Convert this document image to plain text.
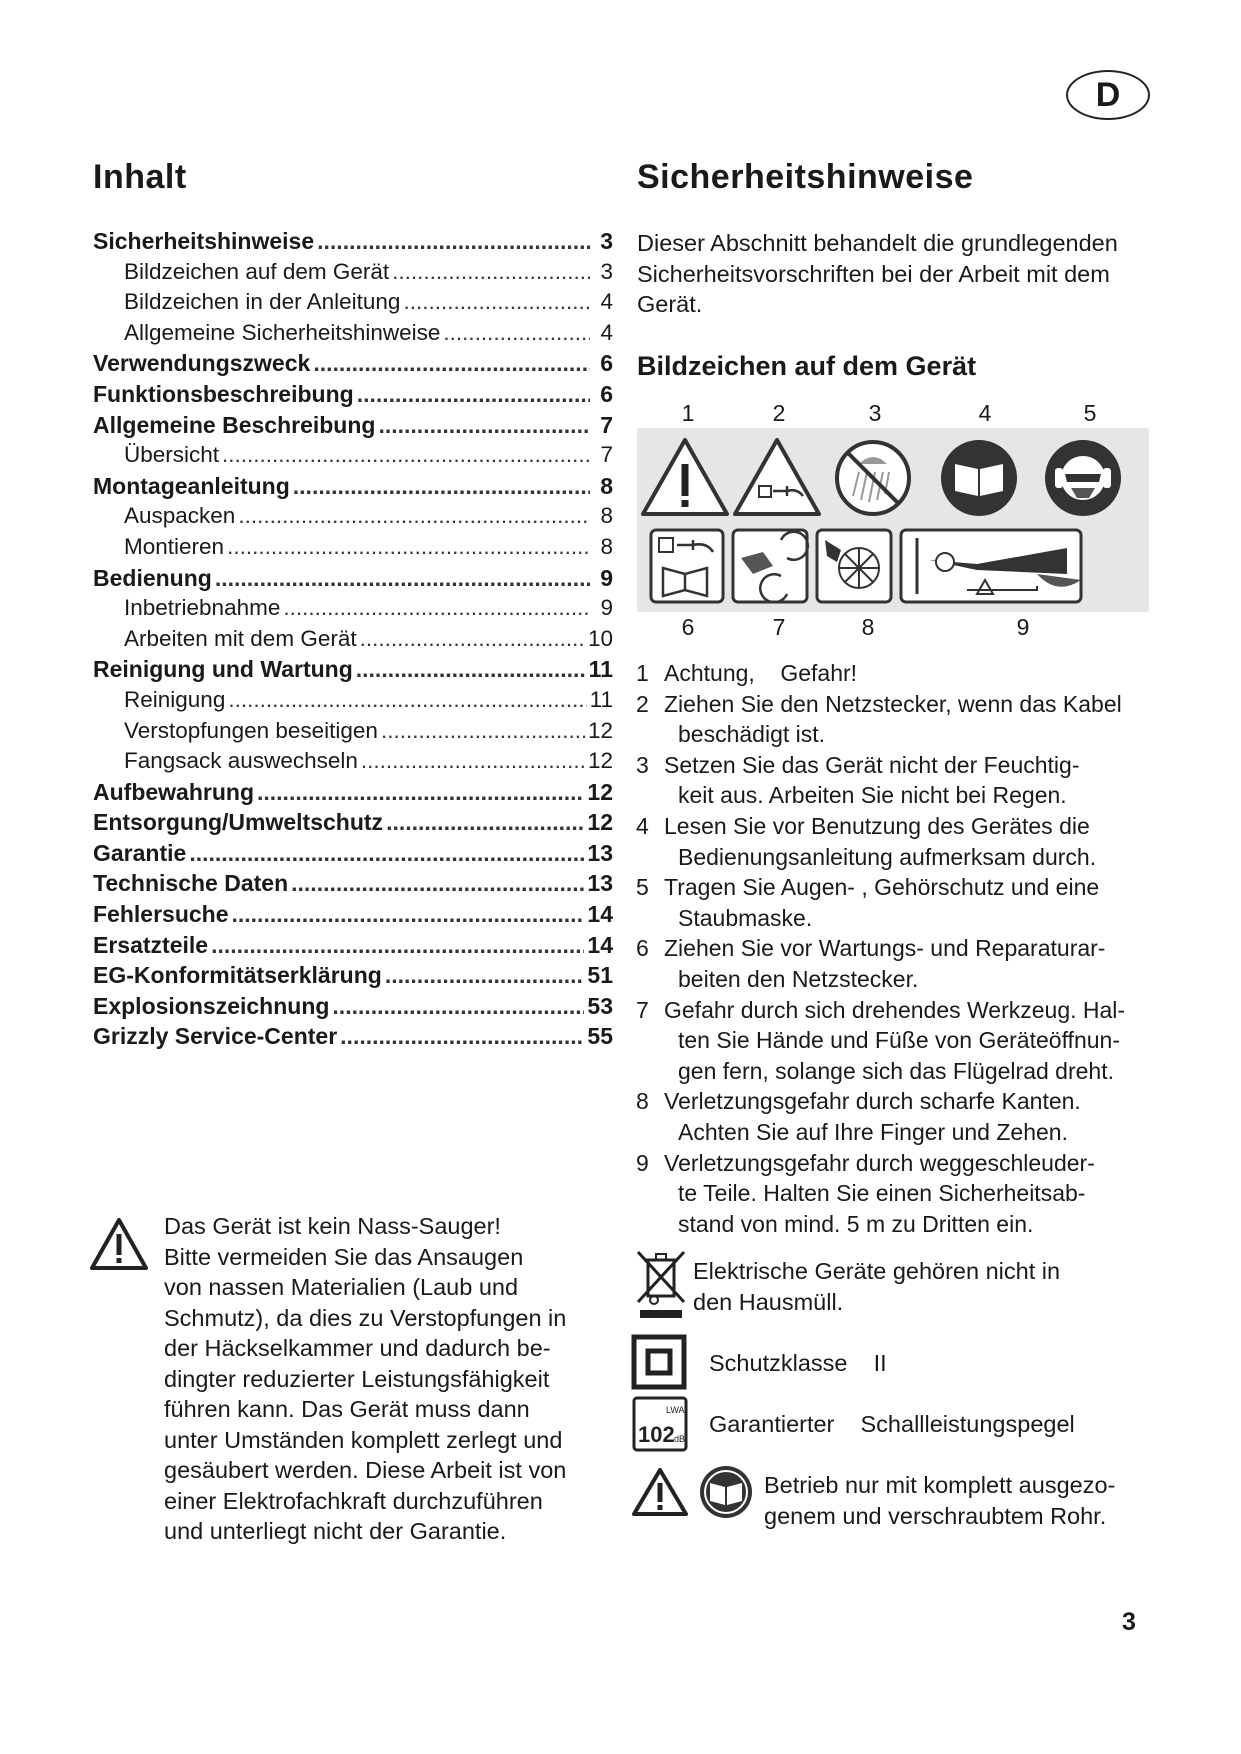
D
Inhalt
Sicherheitshinweise .....	3
Bildzeichen auf dem Gerät .....	3
Bildzeichen in der Anleitung .....	4
Allgemeine Sicherheitshinweise .....	4
Verwendungszweck .....	6
Funktionsbeschreibung .....	6
Allgemeine Beschreibung .....	7
Übersicht .....	7
Montageanleitung .....	8
Auspacken .....	8
Montieren .....	8
Bedienung .....	9
Inbetriebnahme .....	9
Arbeiten mit dem Gerät .....	10
Reinigung und Wartung .....	11
Reinigung .....	11
Verstopfungen beseitigen .....	12
Fangsack auswechseln .....	12
Aufbewahrung .....	12
Entsorgung/Umweltschutz .....	12
Garantie .....	13
Technische Daten .....	13
Fehlersuche .....	14
Ersatzteile .....	14
EG-Konformitätserklärung .....	51
Explosionszeichnung .....	53
Grizzly Service-Center .....	55
Das Gerät ist kein Nass-Sauger!
Bitte vermeiden Sie das Ansaugen
von nassen Materialien (Laub und
Schmutz), da dies zu Verstopfungen in
der Häckselkammer und dadurch be-
dingter reduzierter Leistungsfähigkeit
führen kann. Das Gerät muss dann
unter Umständen komplett zerlegt und
gesäubert werden. Diese Arbeit ist von
einer Elektrofachkraft durchzuführen
und unterliegt nicht der Garantie.
Sicherheitshinweise
Dieser Abschnitt behandelt die grundlegenden
Sicherheitsvorschriften bei der Arbeit mit dem
Gerät.
Bildzeichen auf dem Gerät
1	2	3	4	5
6	7	8	9
1 Achtung,    Gefahr!
2 Ziehen Sie den Netzstecker, wenn das Kabel
beschädigt ist.
3 Setzen Sie das Gerät nicht der Feuchtig-
keit aus. Arbeiten Sie nicht bei Regen.
4 Lesen Sie vor Benutzung des Gerätes die
Bedienungsanleitung aufmerksam durch.
5 Tragen Sie Augen- , Gehörschutz und eine
Staubmaske.
6 Ziehen Sie vor Wartungs- und Reparaturar-
beiten den Netzstecker.
7 Gefahr durch sich drehendes Werkzeug. Hal-
ten Sie Hände und Füße von Geräteöffnun-
gen fern, solange sich das Flügelrad dreht.
8 Verletzungsgefahr durch scharfe Kanten.
Achten Sie auf Ihre Finger und Zehen.
9 Verletzungsgefahr durch weggeschleuder-
te Teile. Halten Sie einen Sicherheitsab-
stand von mind. 5 m zu Dritten ein.
Elektrische Geräte gehören nicht in
den Hausmüll.
Schutzklasse    II
LWA
102 dB
Garantierter    Schallleistungspegel
Betrieb nur mit komplett ausgezo-
genem und verschraubtem Rohr.
3
